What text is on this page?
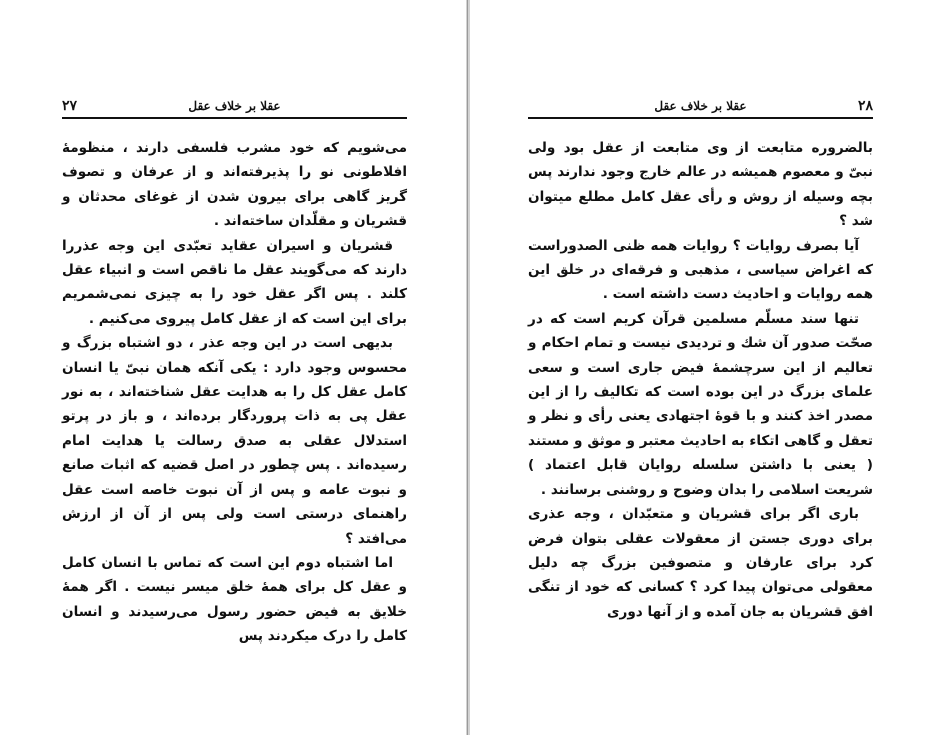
عقلا بر خلاف عقل
۲۷

می‌شویم که خود مشرب فلسفی دارند ، منظومهٔ افلاطونی نو را پذیرفته‌اند و از عرفان و تصوف گریز گاهی برای بیرون شدن از غوغای محدثان و قشریان و مقلّدان ساخته‌اند .

قشریان و اسیران عقاید تعبّدی این وجه عذررا دارند که می‌گویند عقل ما ناقص است و انبیاء عقل کلند . پس اگر عقل خود را به چیزی نمی‌شمریم برای این است که از عقل کامل پیروی می‌کنیم .

بدیهی است در این وجه عذر ، دو اشتباه بزرگ و محسوس وجود دارد : یکی آنکه همان نبیّ یا انسان کامل عقل کل را به هدایت عقل شناخته‌اند ، به نور عقل پی به ذات پروردگار برده‌اند ، و باز در پرتو استدلال عقلی به صدق رسالت یا هدایت امام رسیده‌اند . پس چطور در اصل قضیه که اثبات صانع و نبوت عامه و پس از آن نبوت خاصه است عقل راهنمای درستی است ولی پس از آن از ارزش می‌افتد ؟

اما اشتباه دوم این است که تماس با انسان کامل و عقل کل برای همهٔ خلق میسر نیست . اگر همهٔ خلایق به فیض حضور رسول می‌رسیدند و انسان کامل را درک میکردند پس

۲۸
عقلا بر خلاف عقل

بالضروره متابعت از وی متابعت از عقل بود ولی نبیّ و معصوم همیشه در عالم خارج وجود ندارند پس بچه وسیله از روش و رأی عقل کامل مطلع میتوان شد ؟

آیا بصرف روایات ؟ روایات همه ظنی الصدوراست که اغراض سیاسی ، مذهبی و فرقه‌ای در خلق این همه روایات و احادیث دست داشته است .

تنها سند مسلّم مسلمین قرآن کریم است که در صحّت صدور آن شك و تردیدی نیست و تمام احکام و تعالیم از این سرچشمهٔ فیض جاری است و سعی علمای بزرگ در این بوده است که تکالیف را از این مصدر اخذ کنند و با قوهٔ اجتهادی یعنی رأی و نظر و تعقل و گاهی اتکاء به احادیث معتبر و موثق و مستند ( یعنی با داشتن سلسله روایان قابل اعتماد ) شریعت اسلامی را بدان وضوح و روشنی برسانند .

باری اگر برای قشریان و متعبّدان ، وجه عذری برای دوری جستن از معقولات عقلی بتوان فرض کرد برای عارفان و متصوفین بزرگ چه دلیل معقولی می‌توان پیدا کرد ؟ کسانی که خود از تنگی افق قشریان به جان آمده و از آنها دوری
